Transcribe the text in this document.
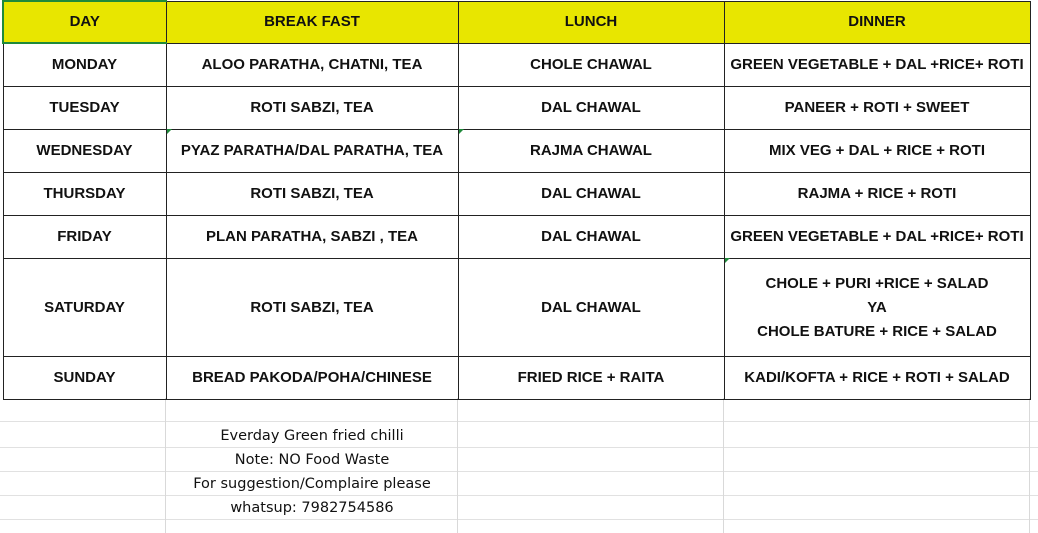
DAY	BREAK FAST	LUNCH	DINNER
MONDAY	ALOO PARATHA, CHATNI, TEA	CHOLE CHAWAL	GREEN VEGETABLE + DAL +RICE+ ROTI

TUESDAY	ROTI SABZI, TEA	DAL CHAWAL	PANEER + ROTI + SWEET

WEDNESDAY	PYAZ PARATHA/DAL PARATHA, TEA	RAJMA CHAWAL	MIX VEG + DAL + RICE + ROTI

THURSDAY	ROTI SABZI, TEA	DAL CHAWAL	RAJMA + RICE + ROTI

FRIDAY	PLAN PARATHA, SABZI , TEA	DAL CHAWAL	GREEN VEGETABLE + DAL +RICE+ ROTI

SATURDAY	ROTI SABZI, TEA	DAL CHAWAL	CHOLE + PURI +RICE + SALAD
YA
CHOLE BATURE + RICE + SALAD

SUNDAY	BREAD PAKODA/POHA/CHINESE	FRIED RICE + RAITA	KADI/KOFTA + RICE + ROTI + SALAD
Everday Green fried chilli
Note: NO Food Waste
For suggestion/Complaire please
whatsup: 7982754586
